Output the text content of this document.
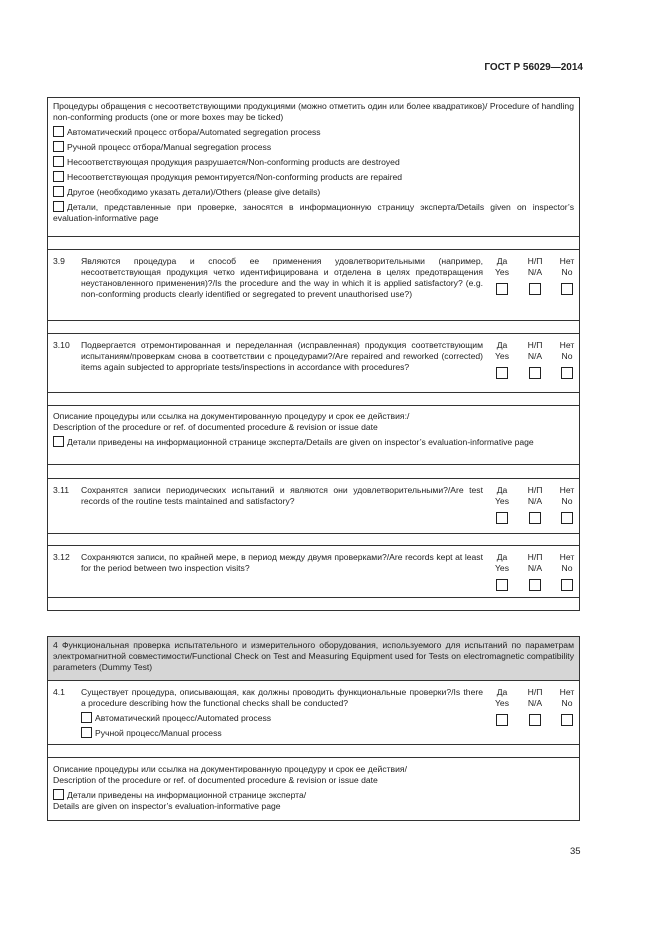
ГОСТ Р 56029—2014
Процедуры обращения с несоответствующими продукциями (можно отметить один или более квадратиков)/ Procedure of handling non-conforming products (one or more boxes may be ticked)
Автоматический процесс отбора/Automated segregation process
Ручной процесс отбора/Manual segregation process
Несоответствующая продукция разрушается/Non-conforming products are destroyed
Несоответствующая продукция ремонтируется/Non-conforming products are repaired
Другое (необходимо указать детали)/Others (please give details)
Детали, представленные при проверке, заносятся в информационную страницу эксперта/Details given on inspector’s evaluation-informative page
3.9 Являются процедура и способ ее применения удовлетворительными (например, несоответствующая продукция четко идентифицирована и отделена в целях предотвращения неустановленного применения)?/Is the procedure and the way in which it is applied satisfactory? (e.g. non-conforming products clearly identified or segregated to prevent unauthorised use?)
Да
Yes
Н/П
N/A
Нет
No
3.10 Подвергается отремонтированная и переделанная (исправленная) продукция соответствующим испытаниям/проверкам снова в соответствии с процедурами?/Are repaired and reworked (corrected) items again subjected to appropriate tests/inspections in accordance with procedures?
Да
Yes
Н/П
N/A
Нет
No
Описание процедуры или ссылка на документированную процедуру и срок ее действия:/
Description of the procedure or ref. of documented procedure & revision or issue date
Детали приведены на информационной странице эксперта/Details are given on inspector’s evaluation-informative page
3.11 Сохранятся записи периодических испытаний и являются они удовлетворительными?/Are test records of the routine tests maintained and satisfactory?
Да
Yes
Н/П
N/A
Нет
No
3.12 Сохраняются записи, по крайней мере, в период между двумя проверками?/Are records kept at least for the period between two inspection visits?
Да
Yes
Н/П
N/A
Нет
No
4 Функциональная проверка испытательного и измерительного оборудования, используемого для испытаний по параметрам электромагнитной совместимости/Functional Check on Test and Measuring Equipment used for Tests on electromagnetic compatibility parameters (Dummy Test)
4.1 Существует процедура, описывающая, как должны проводить функциональные проверки?/Is there a procedure describing how the functional checks shall be conducted?
Автоматический процесс/Automated process
Ручной процесс/Manual process
Да
Yes
Н/П
N/A
Нет
No
Описание процедуры или ссылка на документированную процедуру и срок ее действия/
Description of the procedure or ref. of documented procedure & revision or issue date
Детали приведены на информационной странице эксперта/
Details are given on inspector’s evaluation-informative page
35
